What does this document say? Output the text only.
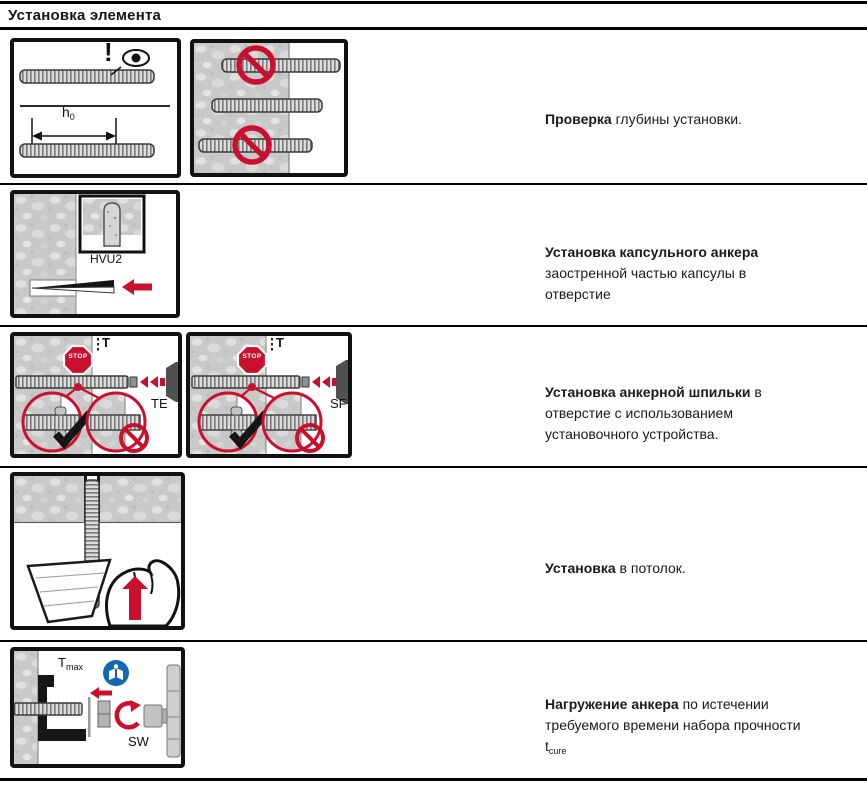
Установка элемента
!
$h_0$	Проверка глубины установки.

HVU2	Установка капсульного анкера заостренной частью капсулы в отверстие

T
STOP
TE
T
STOP
SF

Установка анкерной шпильки в отверстие с использованием установочного устройства.

Установка в потолок.

$T_{max}$
SW

Нагружение анкера по истечении требуемого времени набора прочности $t_{cure}$
